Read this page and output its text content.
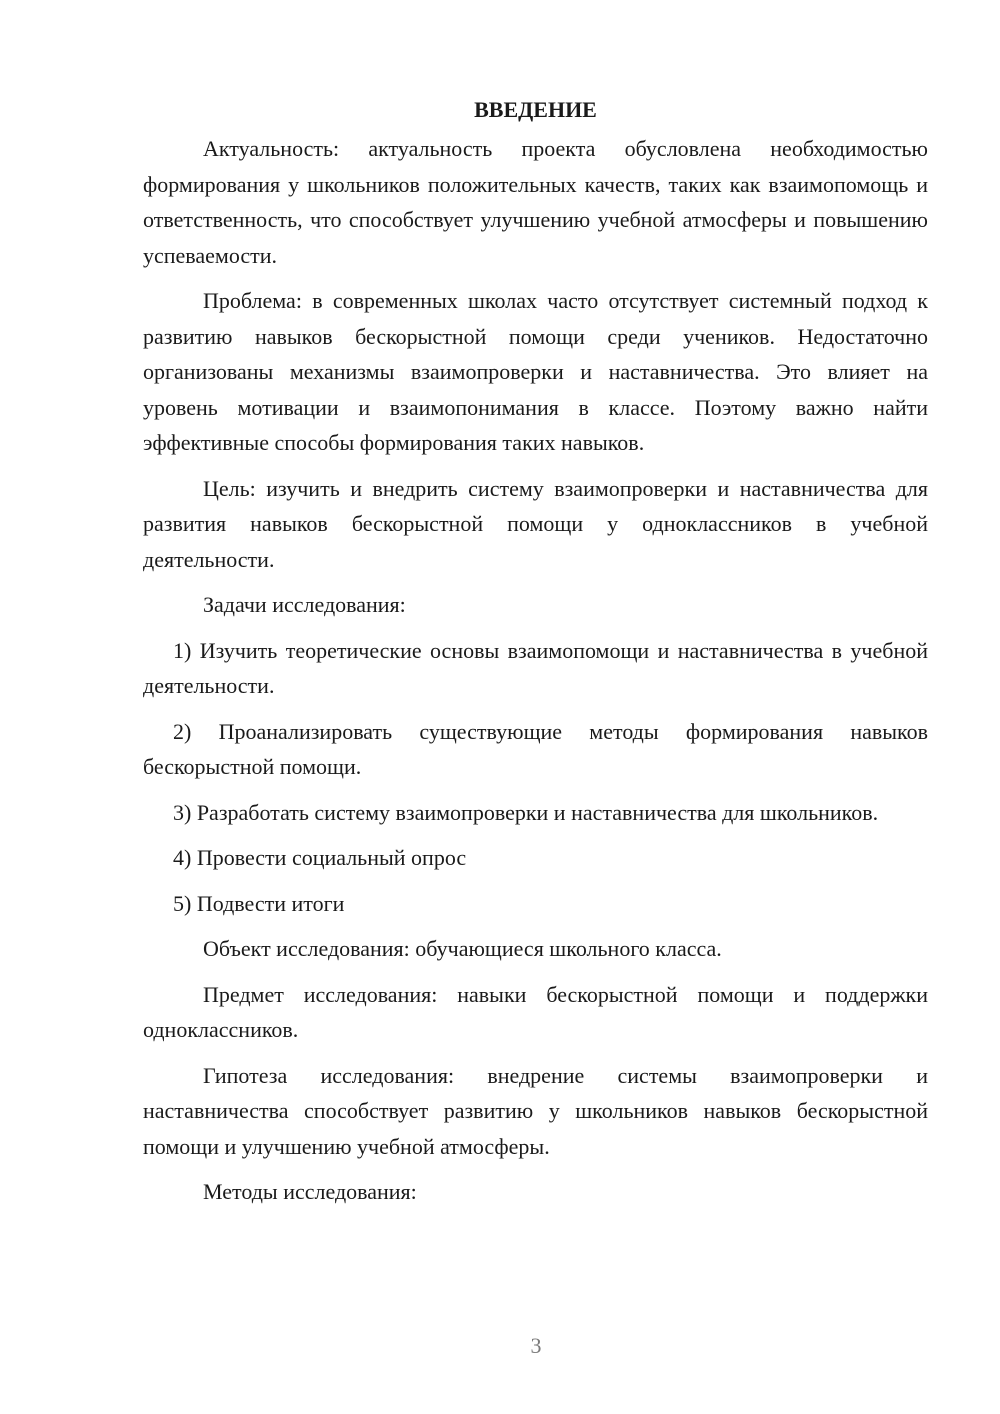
ВВЕДЕНИЕ

Актуальность: актуальность проекта обусловлена необходимостью формирования у школьников положительных качеств, таких как взаимопомощь и ответственность, что способствует улучшению учебной атмосферы и повышению успеваемости.

Проблема: в современных школах часто отсутствует системный подход к развитию навыков бескорыстной помощи среди учеников. Недостаточно организованы механизмы взаимопроверки и наставничества. Это влияет на уровень мотивации и взаимопонимания в классе. Поэтому важно найти эффективные способы формирования таких навыков.

Цель: изучить и внедрить систему взаимопроверки и наставничества для развития навыков бескорыстной помощи у одноклассников в учебной деятельности.

Задачи исследования:

1) Изучить теоретические основы взаимопомощи и наставничества в учебной деятельности.

2) Проанализировать существующие методы формирования навыков бескорыстной помощи.

3) Разработать систему взаимопроверки и наставничества для школьников.

4) Провести социальный опрос

5) Подвести итоги

Объект исследования: обучающиеся школьного класса.

Предмет исследования: навыки бескорыстной помощи и поддержки одноклассников.

Гипотеза исследования: внедрение системы взаимопроверки и наставничества способствует развитию у школьников навыков бескорыстной помощи и улучшению учебной атмосферы.

Методы исследования:

3
